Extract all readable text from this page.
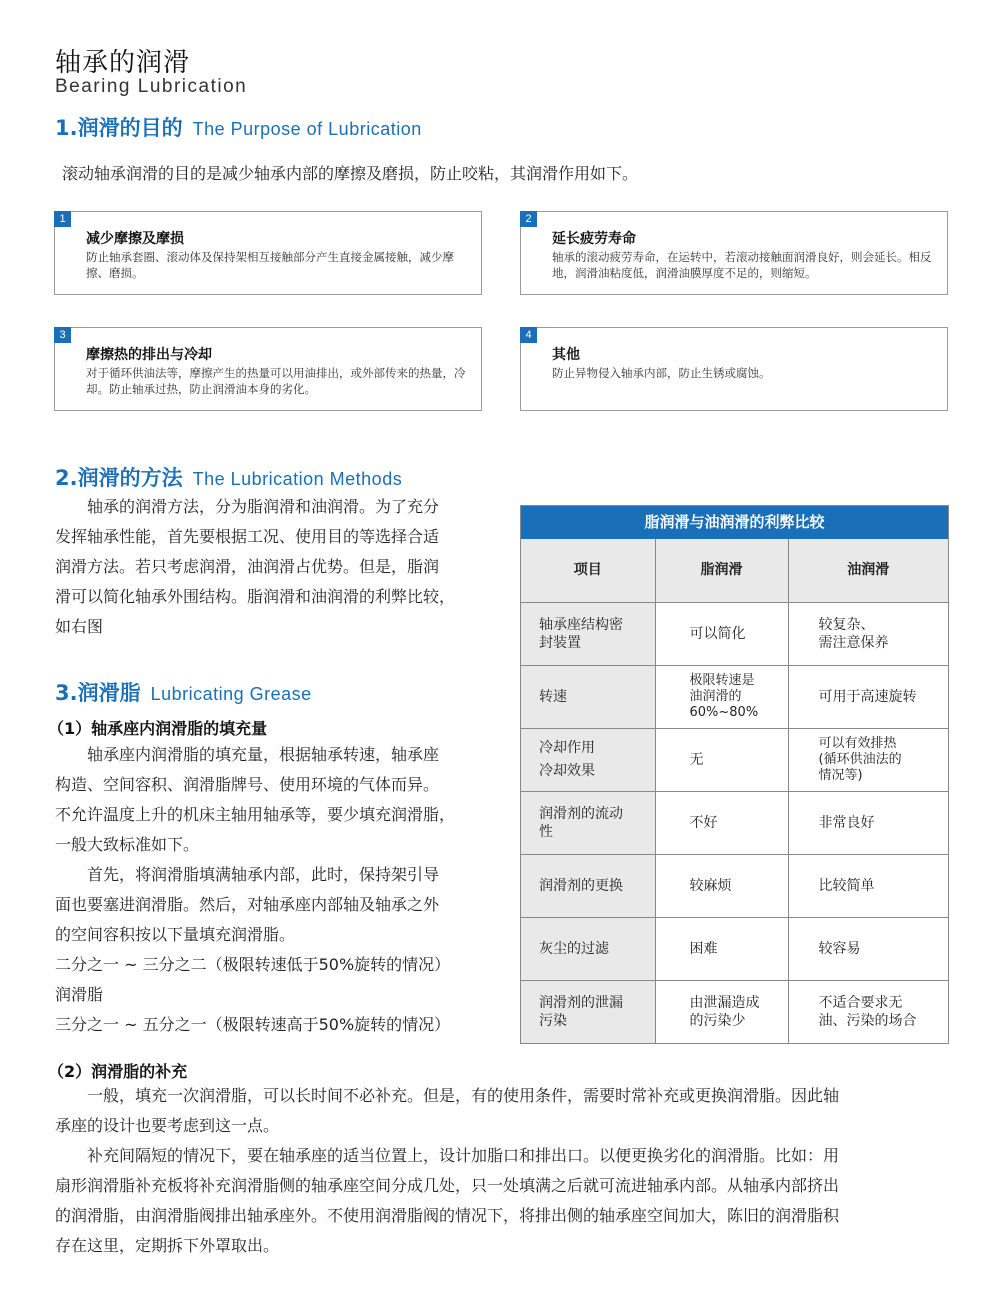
轴承的润滑
Bearing Lubrication
1.润滑的目的 The Purpose of Lubrication
滚动轴承润滑的目的是减少轴承内部的摩擦及磨损，防止咬粘，其润滑作用如下。
1
减少摩擦及摩损
防止轴承套圈、滚动体及保持架相互接触部分产生直接金属接触，减少摩擦、磨损。
2
延长疲劳寿命
轴承的滚动疲劳寿命，在运转中，若滚动接触面润滑良好，则会延长。相反地，润滑油粘度低，润滑油膜厚度不足的，则缩短。
3
摩擦热的排出与冷却
对于循环供油法等，摩擦产生的热量可以用油排出，或外部传来的热量，冷却。防止轴承过热，防止润滑油本身的劣化。
4
其他
防止异物侵入轴承内部，防止生锈或腐蚀。
2.润滑的方法 The Lubrication Methods
　　轴承的润滑方法，分为脂润滑和油润滑。为了充分
发挥轴承性能，首先要根据工况、使用目的等选择合适
润滑方法。若只考虑润滑，油润滑占优势。但是，脂润
滑可以简化轴承外围结构。脂润滑和油润滑的利弊比较，
如右图
3.润滑脂 Lubricating Grease
（1）轴承座内润滑脂的填充量
　　轴承座内润滑脂的填充量，根据轴承转速，轴承座
构造、空间容积、润滑脂牌号、使用环境的气体而异。
不允许温度上升的机床主轴用轴承等，要少填充润滑脂，
一般大致标准如下。
　　首先，将润滑脂填满轴承内部，此时，保持架引导
面也要塞进润滑脂。然后，对轴承座内部轴及轴承之外
的空间容积按以下量填充润滑脂。
二分之一 ~ 三分之二（极限转速低于50%旋转的情况）
润滑脂
三分之一 ~ 五分之一（极限转速高于50%旋转的情况）
（2）润滑脂的补充
　　一般，填充一次润滑脂，可以长时间不必补充。但是，有的使用条件，需要时常补充或更换润滑脂。因此轴
承座的设计也要考虑到这一点。
　　补充间隔短的情况下，要在轴承座的适当位置上，设计加脂口和排出口。以便更换劣化的润滑脂。比如：用
扇形润滑脂补充板将补充润滑脂侧的轴承座空间分成几处，只一处填满之后就可流进轴承内部。从轴承内部挤出
的润滑脂，由润滑脂阀排出轴承座外。不使用润滑脂阀的情况下，将排出侧的轴承座空间加大，陈旧的润滑脂积
存在这里，定期拆下外罩取出。
脂润滑与油润滑的利弊比较
项目	脂润滑	油润滑

轴承座结构密
封装置	可以简化	较复杂、
需注意保养

转速	极限转速是
油润滑的
60%~80%	可用于高速旋转

冷却作用
冷却效果	无	可以有效排热
(循环供油法的
情况等)

润滑剂的流动
性	不好	非常良好

润滑剂的更换	较麻烦	比较简单

灰尘的过滤	困难	较容易

润滑剂的泄漏
污染	由泄漏造成
的污染少	不适合要求无
油、污染的场合
